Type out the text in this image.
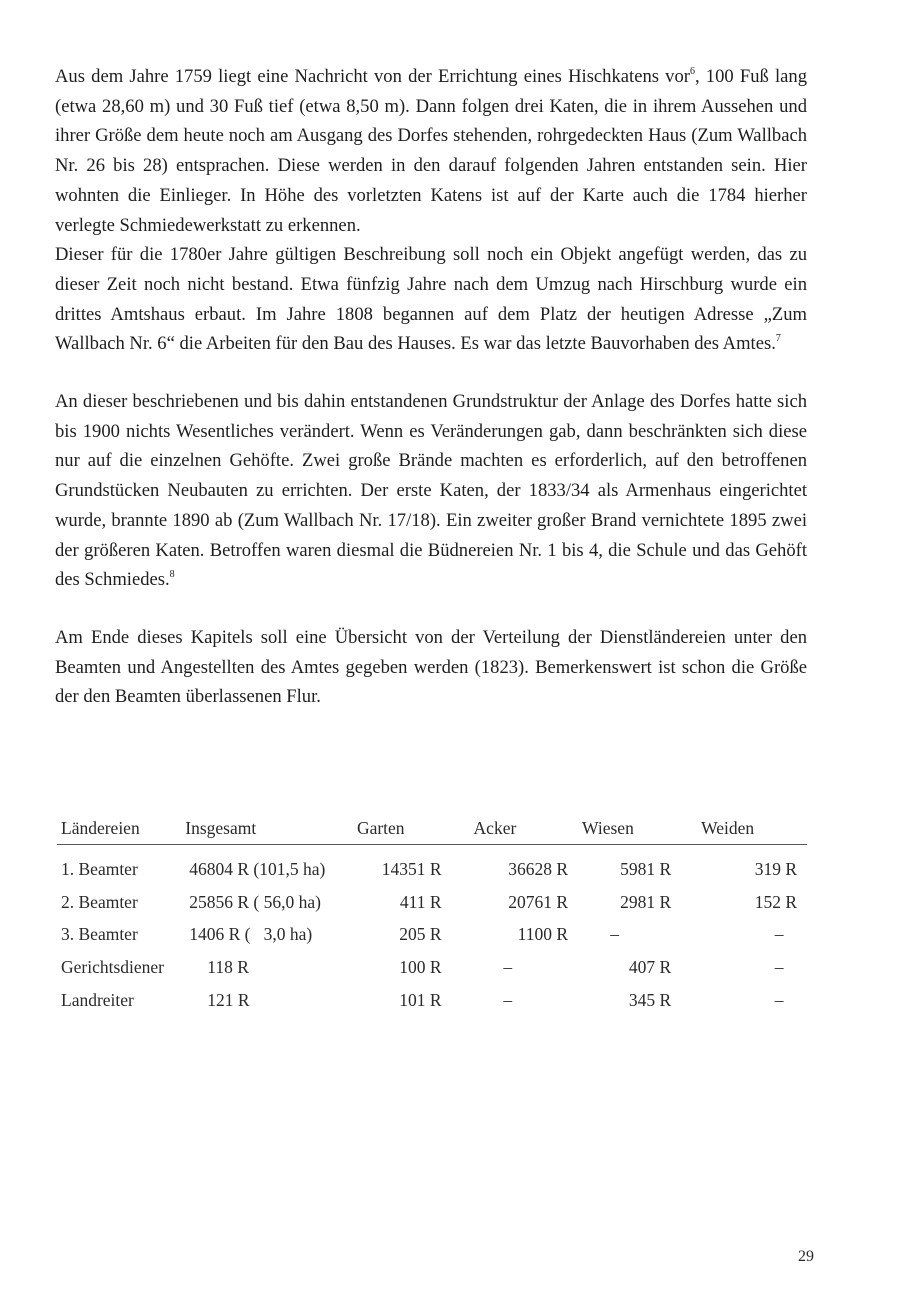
Aus dem Jahre 1759 liegt eine Nachricht von der Errichtung eines Hischkatens vor$^6$, 100 Fuß lang (etwa 28,60 m) und 30 Fuß tief (etwa 8,50 m). Dann folgen drei Katen, die in ihrem Aussehen und ihrer Größe dem heute noch am Ausgang des Dorfes stehenden, rohrgedeckten Haus (Zum Wallbach Nr. 26 bis 28) entsprachen. Diese werden in den darauf folgenden Jahren entstanden sein. Hier wohnten die Einlieger. In Höhe des vorletzten Katens ist auf der Karte auch die 1784 hierher verlegte Schmiedewerkstatt zu erkennen.

Dieser für die 1780er Jahre gültigen Beschreibung soll noch ein Objekt angefügt werden, das zu dieser Zeit noch nicht bestand. Etwa fünfzig Jahre nach dem Umzug nach Hirschburg wurde ein drittes Amtshaus erbaut. Im Jahre 1808 begannen auf dem Platz der heutigen Adresse „Zum Wallbach Nr. 6“ die Arbeiten für den Bau des Hauses. Es war das letzte Bauvorhaben des Amtes.$^7$

An dieser beschriebenen und bis dahin entstandenen Grundstruktur der Anlage des Dorfes hatte sich bis 1900 nichts Wesentliches verändert. Wenn es Veränderungen gab, dann beschränkten sich diese nur auf die einzelnen Gehöfte. Zwei große Brände machten es erforderlich, auf den betroffenen Grundstücken Neubauten zu errichten. Der erste Katen, der 1833/34 als Armenhaus eingerichtet wurde, brannte 1890 ab (Zum Wallbach Nr. 17/18). Ein zweiter großer Brand vernichtete 1895 zwei der größeren Katen. Betroffen waren diesmal die Büdnereien Nr. 1 bis 4, die Schule und das Gehöft des Schmiedes.$^8$

Am Ende dieses Kapitels soll eine Übersicht von der Verteilung der Dienstländereien unter den Beamten und Angestellten des Amtes gegeben werden (1823). Bemerkenswert ist schon die Größe der den Beamten überlassenen Flur.

Ländereien	Insgesamt	Garten	Acker	Wiesen	Weiden

1. Beamter	46804 R (101,5 ha)	14351 R	36628 R	5981 R	319 R
2. Beamter	25856 R ( 56,0 ha)	411 R	20761 R	2981 R	152 R
3. Beamter	1406 R (   3,0 ha)	205 R	1100 R	–	–
Gerichtsdiener	118 R	100 R	–	407 R	–
Landreiter	121 R	101 R	–	345 R	–
29
